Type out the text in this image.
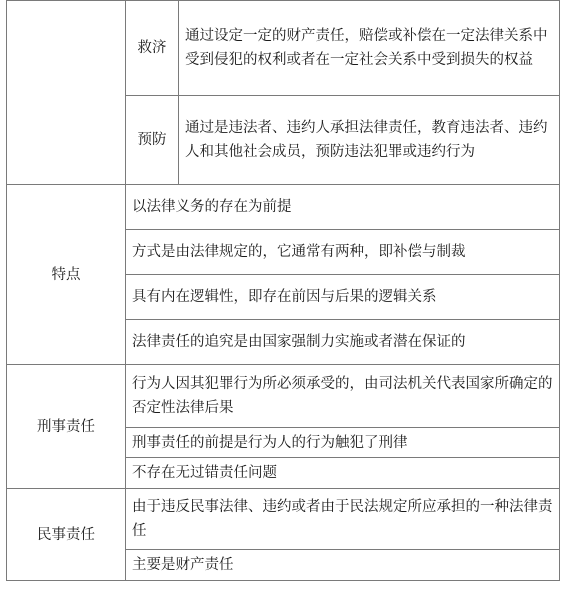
	救济	通过设定一定的财产责任，赔偿或补偿在一定法律关系中受到侵犯的权利或者在一定社会关系中受到损失的权益
	预防	通过是违法者、违约人承担法律责任，教育违法者、违约人和其他社会成员，预防违法犯罪或违约行为
特点	以法律义务的存在为前提	
	方式是由法律规定的，它通常有两种，即补偿与制裁	
	具有内在逻辑性，即存在前因与后果的逻辑关系	
	法律责任的追究是由国家强制力实施或者潜在保证的	
刑事责任	行为人因其犯罪行为所必须承受的，由司法机关代表国家所确定的否定性法律后果	
	刑事责任的前提是行为人的行为触犯了刑律	
	不存在无过错责任问题	
民事责任	由于违反民事法律、违约或者由于民法规定所应承担的一种法律责任	
	主要是财产责任	
